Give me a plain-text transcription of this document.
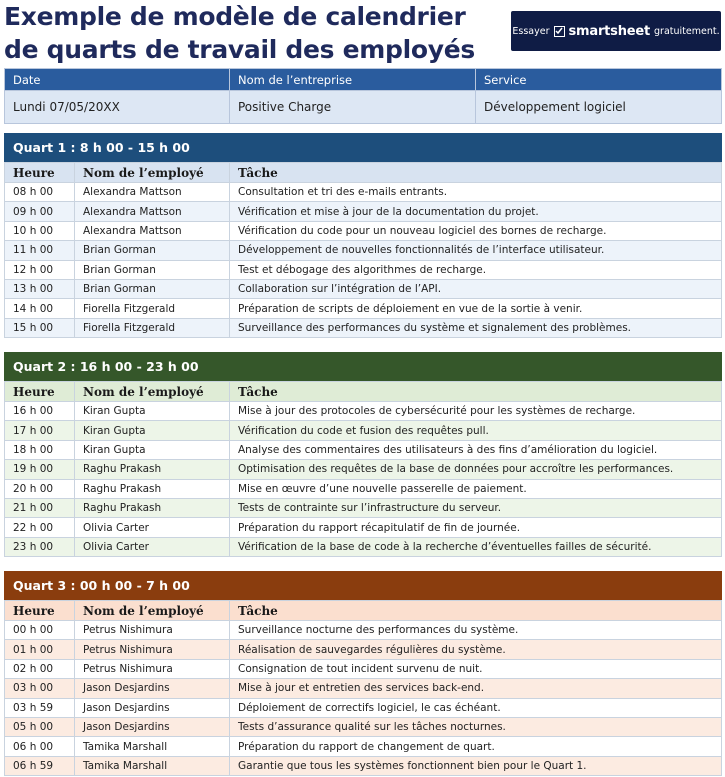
Exemple de modèle de calendrier de quarts de travail des employés
Essayer smartsheet gratuitement.
Date	Nom de l’entreprise	Service
Lundi 07/05/20XX	Positive Charge	Développement logiciel
Quart 1 : 8 h 00 - 15 h 00
Heure	Nom de l’employé	Tâche
08 h 00	Alexandra Mattson	Consultation et tri des e-mails entrants.
09 h 00	Alexandra Mattson	Vérification et mise à jour de la documentation du projet.
10 h 00	Alexandra Mattson	Vérification du code pour un nouveau logiciel des bornes de recharge.
11 h 00	Brian Gorman	Développement de nouvelles fonctionnalités de l’interface utilisateur.
12 h 00	Brian Gorman	Test et débogage des algorithmes de recharge.
13 h 00	Brian Gorman	Collaboration sur l’intégration de l’API.
14 h 00	Fiorella Fitzgerald	Préparation de scripts de déploiement en vue de la sortie à venir.
15 h 00	Fiorella Fitzgerald	Surveillance des performances du système et signalement des problèmes.
Quart 2 : 16 h 00 - 23 h 00
Heure	Nom de l’employé	Tâche
16 h 00	Kiran Gupta	Mise à jour des protocoles de cybersécurité pour les systèmes de recharge.
17 h 00	Kiran Gupta	Vérification du code et fusion des requêtes pull.
18 h 00	Kiran Gupta	Analyse des commentaires des utilisateurs à des fins d’amélioration du logiciel.
19 h 00	Raghu Prakash	Optimisation des requêtes de la base de données pour accroître les performances.
20 h 00	Raghu Prakash	Mise en œuvre d’une nouvelle passerelle de paiement.
21 h 00	Raghu Prakash	Tests de contrainte sur l’infrastructure du serveur.
22 h 00	Olivia Carter	Préparation du rapport récapitulatif de fin de journée.
23 h 00	Olivia Carter	Vérification de la base de code à la recherche d’éventuelles failles de sécurité.
Quart 3 : 00 h 00 - 7 h 00
Heure	Nom de l’employé	Tâche
00 h 00	Petrus Nishimura	Surveillance nocturne des performances du système.
01 h 00	Petrus Nishimura	Réalisation de sauvegardes régulières du système.
02 h 00	Petrus Nishimura	Consignation de tout incident survenu de nuit.
03 h 00	Jason Desjardins	Mise à jour et entretien des services back-end.
03 h 59	Jason Desjardins	Déploiement de correctifs logiciel, le cas échéant.
05 h 00	Jason Desjardins	Tests d’assurance qualité sur les tâches nocturnes.
06 h 00	Tamika Marshall	Préparation du rapport de changement de quart.
06 h 59	Tamika Marshall	Garantie que tous les systèmes fonctionnent bien pour le Quart 1.
